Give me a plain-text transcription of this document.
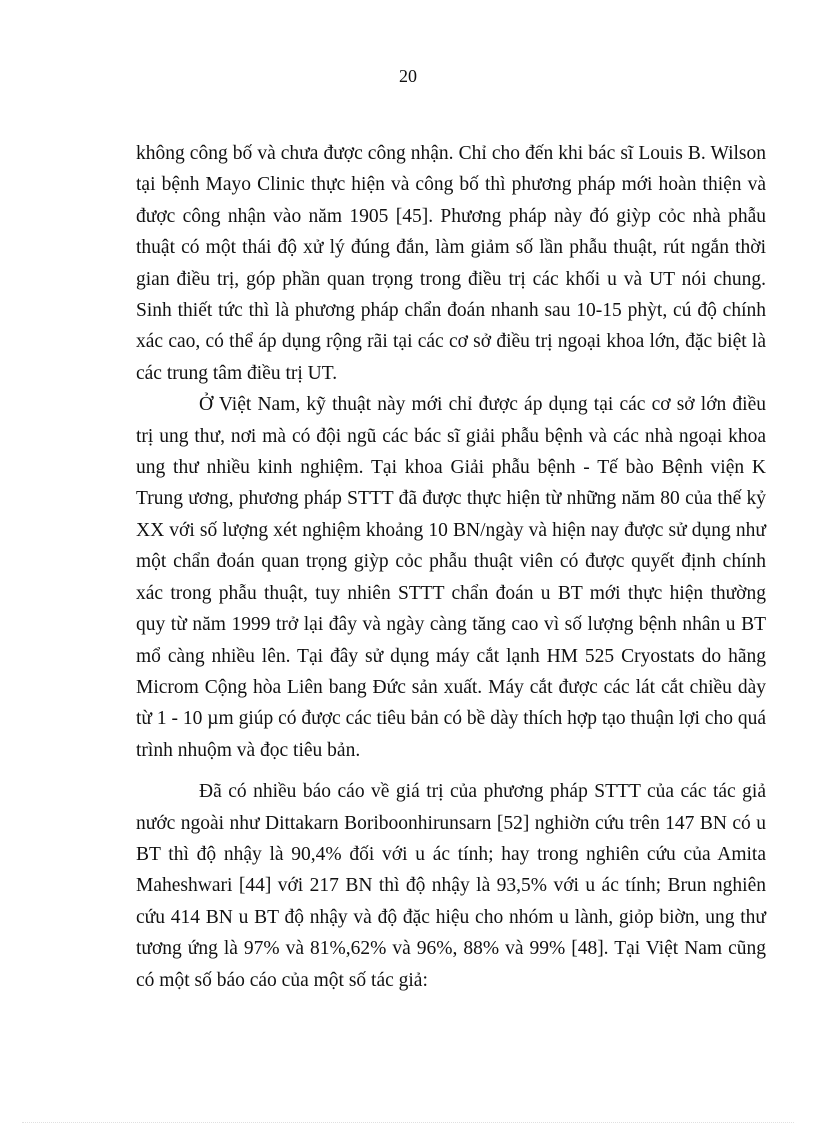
20

không công bố và chưa được công nhận. Chỉ cho đến khi bác sĩ Louis B. Wilson tại bệnh Mayo Clinic thực hiện và công bố thì phương pháp mới hoàn thiện và được công nhận vào năm 1905 [45]. Phương pháp này đó giỳp cỏc nhà phẫu thuật có một thái độ xử lý đúng đắn, làm giảm số lần phẫu thuật, rút ngắn thời gian điều trị, góp phần quan trọng trong điều trị các khối u và UT nói chung. Sinh thiết tức thì là phương pháp chẩn đoán nhanh sau 10-15 phỳt, cú độ chính xác cao, có thể áp dụng rộng rãi tại các cơ sở điều trị ngoại khoa lớn, đặc biệt là các trung tâm điều trị UT.

Ở Việt Nam, kỹ thuật này mới chỉ được áp dụng tại các cơ sở lớn điều trị ung thư, nơi mà có đội ngũ các bác sĩ giải phẫu bệnh và các nhà ngoại khoa ung thư nhiều kinh nghiệm. Tại khoa Giải phẫu bệnh - Tế bào Bệnh viện K Trung ương, phương pháp STTT đã được thực hiện từ những năm 80 của thế kỷ XX với số lượng xét nghiệm khoảng 10 BN/ngày và hiện nay được sử dụng như một chẩn đoán quan trọng giỳp cỏc phẫu thuật viên có được quyết định chính xác trong phẫu thuật, tuy nhiên STTT chẩn đoán u BT mới thực hiện thường quy từ năm 1999 trở lại đây và ngày càng tăng cao vì số lượng bệnh nhân u BT mổ càng nhiều lên. Tại đây sử dụng máy cắt lạnh HM 525 Cryostats do hãng Microm Cộng hòa Liên bang Đức sản xuất. Máy cắt được các lát cắt chiều dày từ 1 - 10 µm giúp có được các tiêu bản có bề dày thích hợp tạo thuận lợi cho quá trình nhuộm và đọc tiêu bản.

Đã có nhiều báo cáo về giá trị của phương pháp STTT của các tác giả nước ngoài như Dittakarn Boriboonhirunsarn [52] nghiờn cứu trên 147 BN có u BT thì độ nhậy là 90,4% đối với u ác tính; hay trong nghiên cứu của Amita Maheshwari [44] với 217 BN thì độ nhậy là 93,5% với u ác tính; Brun nghiên cứu 414 BN u BT độ nhậy và độ đặc hiệu cho nhóm u lành, giỏp biờn, ung thư tương ứng là 97% và 81%,62% và 96%, 88% và 99% [48]. Tại Việt Nam cũng có một số báo cáo của một số tác giả:
